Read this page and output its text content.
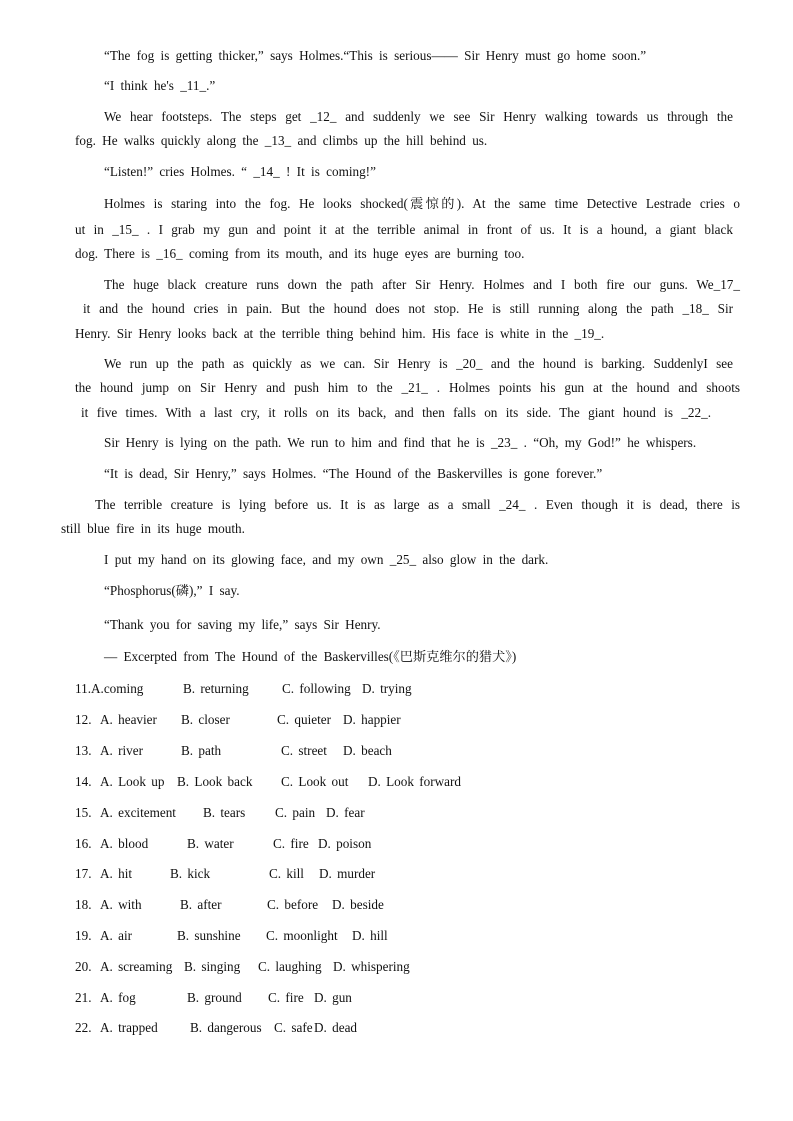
“The fog is getting thicker,” says Holmes.“This is serious—— Sir Henry must go home soon.”
“I think he's _11_.”
We hear footsteps. The steps get _12_ and suddenly we see Sir Henry walking towards us through the
fog. He walks quickly along the _13_ and climbs up the hill behind us.
“Listen!” cries Holmes. “ _14_ ! It is coming!”
Holmes is staring into the fog. He looks shocked(震惊的). At the same time Detective Lestrade cries o
ut in _15_ . I grab my gun and point it at the terrible animal in front of us. It is a hound, a giant black
dog. There is _16_ coming from its mouth, and its huge eyes are burning too.
The huge black creature runs down the path after Sir Henry. Holmes and I both fire our guns. We_17_
it and the hound cries in pain. But the hound does not stop. He is still running along the path _18_ Sir
Henry. Sir Henry looks back at the terrible thing behind him. His face is white in the _19_.
We run up the path as quickly as we can. Sir Henry is _20_ and the hound is barking. SuddenlyI see
the hound jump on Sir Henry and push him to the _21_ . Holmes points his gun at the hound and shoots
it five times. With a last cry, it rolls on its back, and then falls on its side. The giant hound is _22_.
Sir Henry is lying on the path. We run to him and find that he is _23_ . “Oh, my God!” he whispers.
“It is dead, Sir Henry,” says Holmes. “The Hound of the Baskervilles is gone forever.”
The terrible creature is lying before us. It is as large as a small _24_ . Even though it is dead, there is
still blue fire in its huge mouth.
I put my hand on its glowing face, and my own _25_ also glow in the dark.
“Phosphorus(磷),” I say.
“Thank you for saving my life,” says Sir Henry.
— Excerpted from The Hound of the Baskervilles(《巴斯克维尔的猎犬》)
11.A.coming	B. returning	C. following D. trying
12. A. heavier B. closer	C. quieter D. happier
13. A. river	B. path	C. street D. beach
14. A. Look up B. Look back C. Look out D. Look forward
15. A. excitement B. tears C. pain D. fear
16. A. blood	B. water	C. fire D. poison
17. A. hit	B. kick	C. kill D. murder
18. A. with	B. after	C. before D. beside
19. A. air	B. sunshine C. moonlight D. hill
20. A. screaming B. singing C. laughing D. whispering
21. A. fog	B. ground C. fire D. gun
22. A. trapped B. dangerous C. safe D. dead
